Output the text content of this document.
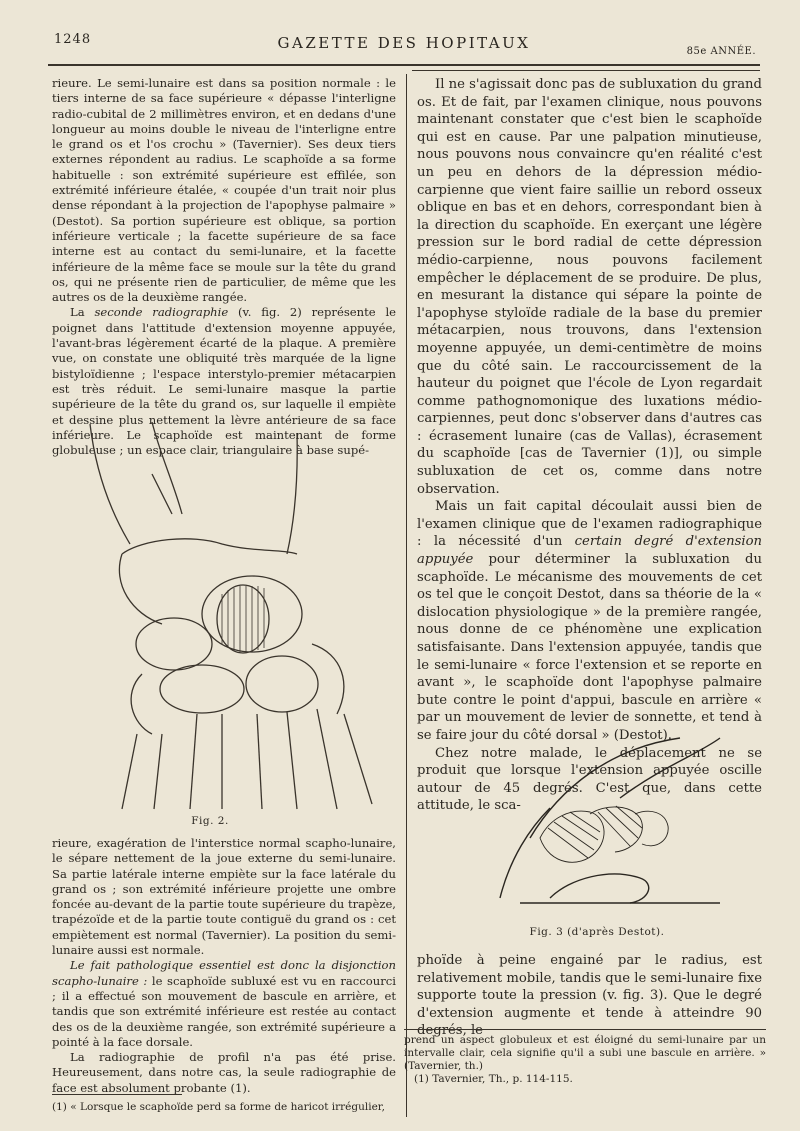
1248	GAZETTE DES HOPITAUX	85e ANNÉE.

rieure. Le semi-lunaire est dans sa position normale : le tiers interne de sa face supérieure « dépasse l'interligne radio-cubital de 2 millimètres environ, et en dedans d'une longueur au moins double le niveau de l'interligne entre le grand os et l'os crochu » (Tavernier). Ses deux tiers externes répondent au radius. Le scaphoïde a sa forme habituelle : son extrémité supérieure est effilée, son extrémité inférieure étalée, « coupée d'un trait noir plus dense répondant à la projection de l'apophyse palmaire » (Destot). Sa portion supérieure est oblique, sa portion inférieure verticale ; la facette supérieure de sa face interne est au contact du semi-lunaire, et la facette inférieure de la même face se moule sur la tête du grand os, qui ne présente rien de particulier, de même que les autres os de la deuxième rangée.

La seconde radiographie (v. fig. 2) représente le poignet dans l'attitude d'extension moyenne appuyée, l'avant-bras légèrement écarté de la plaque. A première vue, on constate une obliquité très marquée de la ligne bistyloïdienne ; l'espace interstylo-premier métacarpien est très réduit. Le semi-lunaire masque la partie supérieure de la tête du grand os, sur laquelle il empiète et dessine plus nettement la lèvre antérieure de sa face inférieure. Le scaphoïde est maintenant de forme globuleuse ; un espace clair, triangulaire à base supé-

Fig. 2.

rieure, exagération de l'interstice normal scapho-lunaire, le sépare nettement de la joue externe du semi-lunaire. Sa partie latérale interne empiète sur la face latérale du grand os ; son extrémité inférieure projette une ombre foncée au-devant de la partie toute supérieure du trapèze, trapézoïde et de la partie toute contiguë du grand os : cet empiètement est normal (Tavernier). La position du semi-lunaire aussi est normale.

Le fait pathologique essentiel est donc la disjonction scapho-lunaire : le scaphoïde subluxé est vu en raccourci ; il a effectué son mouvement de bascule en arrière, et tandis que son extrémité inférieure est restée au contact des os de la deuxième rangée, son extrémité supérieure a pointé à la face dorsale.

La radiographie de profil n'a pas été prise. Heureusement, dans notre cas, la seule radiographie de face est absolument probante (1).

(1) « Lorsque le scaphoïde perd sa forme de haricot irrégulier,

Il ne s'agissait donc pas de subluxation du grand os. Et de fait, par l'examen clinique, nous pouvons maintenant constater que c'est bien le scaphoïde qui est en cause. Par une palpation minutieuse, nous pouvons nous convaincre qu'en réalité c'est un peu en dehors de la dépression médio-carpienne que vient faire saillie un rebord osseux oblique en bas et en dehors, correspondant bien à la direction du scaphoïde. En exerçant une légère pression sur le bord radial de cette dépression médio-carpienne, nous pouvons facilement empêcher le déplacement de se produire. De plus, en mesurant la distance qui sépare la pointe de l'apophyse styloïde radiale de la base du premier métacarpien, nous trouvons, dans l'extension moyenne appuyée, un demi-centimètre de moins que du côté sain. Le raccourcissement de la hauteur du poignet que l'école de Lyon regardait comme pathognomonique des luxations médio-carpiennes, peut donc s'observer dans d'autres cas : écrasement lunaire (cas de Vallas), écrasement du scaphoïde [cas de Tavernier (1)], ou simple subluxation de cet os, comme dans notre observation.

Mais un fait capital découlait aussi bien de l'examen clinique que de l'examen radiographique : la nécessité d'un certain degré d'extension appuyée pour déterminer la subluxation du scaphoïde. Le mécanisme des mouvements de cet os tel que le conçoit Destot, dans sa théorie de la « dislocation physiologique » de la première rangée, nous donne de ce phénomène une explication satisfaisante. Dans l'extension appuyée, tandis que le semi-lunaire « force l'extension et se reporte en avant », le scaphoïde dont l'apophyse palmaire bute contre le point d'appui, bascule en arrière « par un mouvement de levier de sonnette, et tend à se faire jour du côté dorsal » (Destot).

Chez notre malade, le déplacement ne se produit que lorsque l'extension appuyée oscille autour de 45 degrés. C'est que, dans cette attitude, le sca-

Fig. 3 (d'après Destot).

phoïde à peine engainé par le radius, est relativement mobile, tandis que le semi-lunaire fixe supporte toute la pression (v. fig. 3). Que le degré d'extension augmente et tende à atteindre 90 degrés, le

prend un aspect globuleux et est éloigné du semi-lunaire par un intervalle clair, cela signifie qu'il a subi une bascule en arrière. » (Tavernier, th.)
(1) Tavernier, Th., p. 114-115.
